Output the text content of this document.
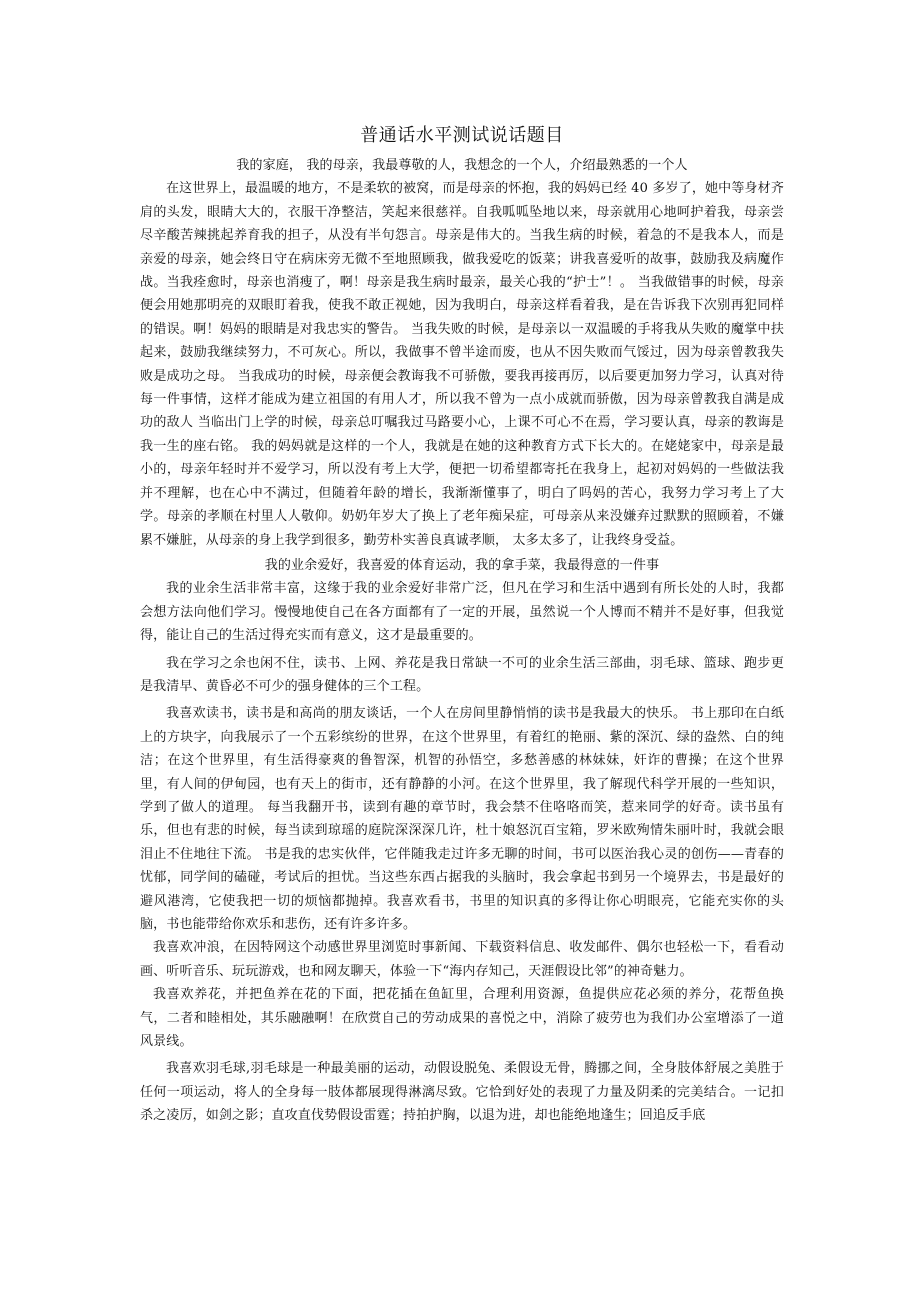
普通话水平测试说话题目
我的家庭， 我的母亲，我最尊敬的人，我想念的一个人，介绍最熟悉的一个人

在这世界上，最温暖的地方，不是柔软的被窝，而是母亲的怀抱，我的妈妈已经 40 多岁了，她中等身材齐肩的头发，眼睛大大的，衣服干净整洁，笑起来很慈祥。自我呱呱坠地以来，母亲就用心地呵护着我，母亲尝尽辛酸苦辣挑起养育我的担子，从没有半句怨言。母亲是伟大的。当我生病的时候，着急的不是我本人，而是亲爱的母亲，她会终日守在病床旁无微不至地照顾我，做我爱吃的饭菜；讲我喜爱听的故事，鼓励我及病魔作战。当我痊愈时，母亲也消瘦了，啊！母亲是我生病时最亲，最关心我的“护士”！。 当我做错事的时候，母亲便会用她那明亮的双眼盯着我，使我不敢正视她，因为我明白，母亲这样看着我，是在告诉我下次别再犯同样的错误。啊！妈妈的眼睛是对我忠实的警告。 当我失败的时候，是母亲以一双温暖的手将我从失败的魔掌中扶起来，鼓励我继续努力，不可灰心。所以，我做事不曾半途而废，也从不因失败而气馁过，因为母亲曾教我失败是成功之母。 当我成功的时候，母亲便会教诲我不可骄傲，要我再接再厉，以后要更加努力学习，认真对待每一件事情，这样才能成为建立祖国的有用人才，所以我不曾为一点小成就而骄傲，因为母亲曾教我自满是成功的敌人 当临出门上学的时候，母亲总叮嘱我过马路要小心，上课不可心不在焉，学习要认真，母亲的教诲是我一生的座右铭。 我的妈妈就是这样的一个人，我就是在她的这种教育方式下长大的。在姥姥家中，母亲是最小的，母亲年轻时并不爱学习，所以没有考上大学，便把一切希望都寄托在我身上，起初对妈妈的一些做法我并不理解，也在心中不满过，但随着年龄的增长，我渐渐懂事了，明白了吗妈的苦心，我努力学习考上了大学。母亲的孝顺在村里人人敬仰。奶奶年岁大了换上了老年痴呆症，可母亲从来没嫌弃过默默的照顾着，不嫌累不嫌脏，从母亲的身上我学到很多，勤劳朴实善良真诚孝顺， 太多太多了，让我终身受益。

我的业余爱好，我喜爱的体育运动，我的拿手菜，我最得意的一件事

我的业余生活非常丰富，这缘于我的业余爱好非常广泛，但凡在学习和生活中遇到有所长处的人时，我都会想方法向他们学习。慢慢地使自己在各方面都有了一定的开展，虽然说一个人博而不精并不是好事，但我觉得，能让自己的生活过得充实而有意义，这才是最重要的。

我在学习之余也闲不住，读书、上网、养花是我日常缺一不可的业余生活三部曲，羽毛球、篮球、跑步更是我清早、黄昏必不可少的强身健体的三个工程。

我喜欢读书，读书是和高尚的朋友谈话，一个人在房间里静悄悄的读书是我最大的快乐。 书上那印在白纸上的方块字，向我展示了一个五彩缤纷的世界，在这个世界里，有着红的艳丽、紫的深沉、绿的盎然、白的纯洁；在这个世界里，有生活得豪爽的鲁智深，机智的孙悟空，多愁善感的林妹妹，奸诈的曹操；在这个世界里，有人间的伊甸园，也有天上的街市，还有静静的小河。在这个世界里，我了解现代科学开展的一些知识，学到了做人的道理。 每当我翻开书，读到有趣的章节时，我会禁不住咯咯而笑，惹来同学的好奇。读书虽有乐，但也有悲的时候，每当读到琼瑶的庭院深深深几许，杜十娘怒沉百宝箱，罗米欧殉情朱丽叶时，我就会眼泪止不住地往下流。 书是我的忠实伙伴，它伴随我走过许多无聊的时间，书可以医治我心灵的创伤——青春的忧郁，同学间的磕碰，考试后的担忧。当这些东西占据我的头脑时，我会拿起书到另一个境界去，书是最好的避风港湾，它使我把一切的烦恼都抛掉。我喜欢看书，书里的知识真的多得让你心明眼亮，它能充实你的头脑，书也能带给你欢乐和悲伤，还有许多许多。

我喜欢冲浪，在因特网这个动感世界里浏览时事新闻、下载资料信息、收发邮件、偶尔也轻松一下，看看动画、听听音乐、玩玩游戏，也和网友聊天，体验一下“海内存知己，天涯假设比邻”的神奇魅力。

我喜欢养花，并把鱼养在花的下面，把花插在鱼缸里，合理利用资源，鱼提供应花必须的养分，花帮鱼换气，二者和睦相处，其乐融融啊！在欣赏自己的劳动成果的喜悦之中，消除了疲劳也为我们办公室增添了一道风景线。

我喜欢羽毛球,羽毛球是一种最美丽的运动，动假设脱兔、柔假设无骨，腾挪之间，全身肢体舒展之美胜于任何一项运动，将人的全身每一肢体都展现得淋漓尽致。它恰到好处的表现了力量及阴柔的完美结合。一记扣杀之凌厉，如剑之影；直攻直伐势假设雷霆；持拍护胸，以退为进，却也能绝地逢生；回追反手底
